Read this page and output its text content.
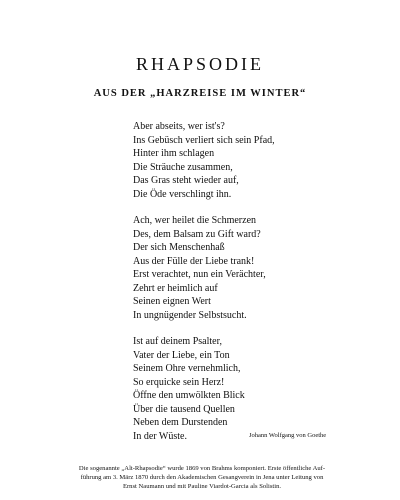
RHAPSODIE
AUS DER „HARZREISE IM WINTER“
Aber abseits, wer ist's?
Ins Gebüsch verliert sich sein Pfad,
Hinter ihm schlagen
Die Sträuche zusammen,
Das Gras steht wieder auf,
Die Öde verschlingt ihn.
Ach, wer heilet die Schmerzen
Des, dem Balsam zu Gift ward?
Der sich Menschenhaß
Aus der Fülle der Liebe trank!
Erst verachtet, nun ein Verächter,
Zehrt er heimlich auf
Seinen eignen Wert
In ungnügender Selbstsucht.
Ist auf deinem Psalter,
Vater der Liebe, ein Ton
Seinem Ohre vernehmlich,
So erquicke sein Herz!
Öffne den umwölkten Blick
Über die tausend Quellen
Neben dem Durstenden
In der Wüste.	Johann Wolfgang von Goethe
Die sogenannte „Alt-Rhapsodie“ wurde 1869 von Brahms komponiert. Erste öffentliche Auf-
führung am 3. März 1870 durch den Akademischen Gesangverein in Jena unter Leitung von
Ernst Naumann und mit Pauline Viardot-Garcia als Solistin.
